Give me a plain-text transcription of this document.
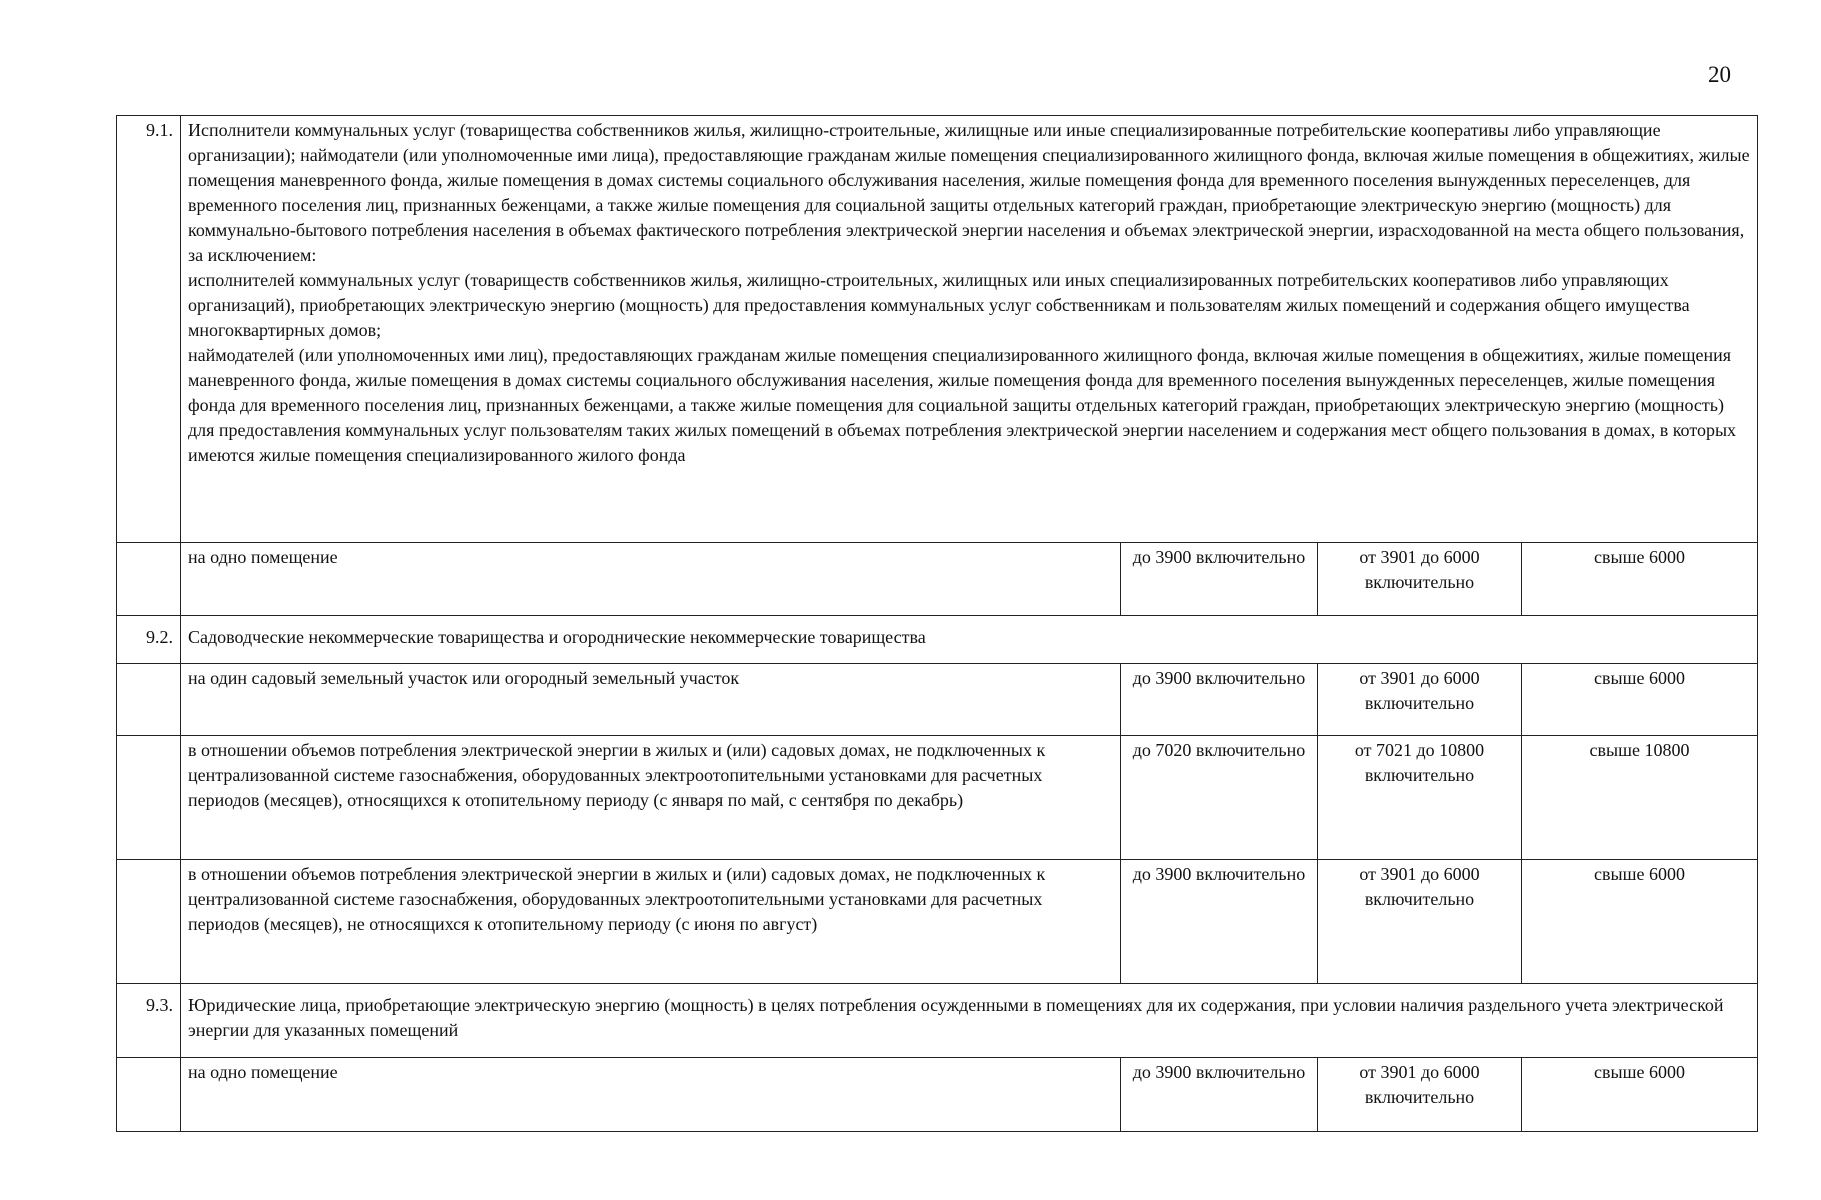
20
9.1.	Исполнители коммунальных услуг (товарищества собственников жилья, жилищно-строительные, жилищные или иные специализированные потребительские кооперативы либо управляющие организации); наймодатели (или уполномоченные ими лица), предоставляющие гражданам жилые помещения специализированного жилищного фонда, включая жилые помещения в общежитиях, жилые помещения маневренного фонда, жилые помещения в домах системы социального обслуживания населения, жилые помещения фонда для временного поселения вынужденных переселенцев, для временного поселения лиц, признанных беженцами, а также жилые помещения для социальной защиты отдельных категорий граждан, приобретающие электрическую энергию (мощность) для коммунально-бытового потребления населения в объемах фактического потребления электрической энергии населения и объемах электрической энергии, израсходованной на места общего пользования, за исключением:
исполнителей коммунальных услуг (товариществ собственников жилья, жилищно-строительных, жилищных или иных специализированных потребительских кооперативов либо управляющих организаций), приобретающих электрическую энергию (мощность) для предоставления коммунальных услуг собственникам и пользователям жилых помещений и содержания общего имущества многоквартирных домов;
наймодателей (или уполномоченных ими лиц), предоставляющих гражданам жилые помещения специализированного жилищного фонда, включая жилые помещения в общежитиях, жилые помещения маневренного фонда, жилые помещения в домах системы социального обслуживания населения, жилые помещения фонда для временного поселения вынужденных переселенцев, жилые помещения фонда для временного поселения лиц, признанных беженцами, а также жилые помещения для социальной защиты отдельных категорий граждан, приобретающих электрическую энергию (мощность) для предоставления коммунальных услуг пользователям таких жилых помещений в объемах потребления электрической энергии населением и содержания мест общего пользования в домах, в которых имеются жилые помещения специализированного жилого фонда			

	на одно помещение	до 3900 включительно	от 3901 до 6000 включительно	свыше 6000
9.2.	Садоводческие некоммерческие товарищества и огороднические некоммерческие товарищества			
	на один садовый земельный участок или огородный земельный участок	до 3900 включительно	от 3901 до 6000 включительно	свыше 6000
	в отношении объемов потребления электрической энергии в жилых и (или) садовых домах, не подключенных к централизованной системе газоснабжения, оборудованных электроотопительными установками для расчетных периодов (месяцев), относящихся к отопительному периоду (с января по май, с сентября по декабрь)	до 7020 включительно	от 7021 до 10800 включительно	свыше 10800
	в отношении объемов потребления электрической энергии в жилых и (или) садовых домах, не подключенных к централизованной системе газоснабжения, оборудованных электроотопительными установками для расчетных периодов (месяцев), не относящихся к отопительному периоду (с июня по август)	до 3900 включительно	от 3901 до 6000 включительно	свыше 6000
9.3.	Юридические лица, приобретающие электрическую энергию (мощность) в целях потребления осужденными в помещениях для их содержания, при условии наличия раздельного учета электрической энергии для указанных помещений			
	на одно помещение	до 3900 включительно	от 3901 до 6000 включительно	свыше 6000
